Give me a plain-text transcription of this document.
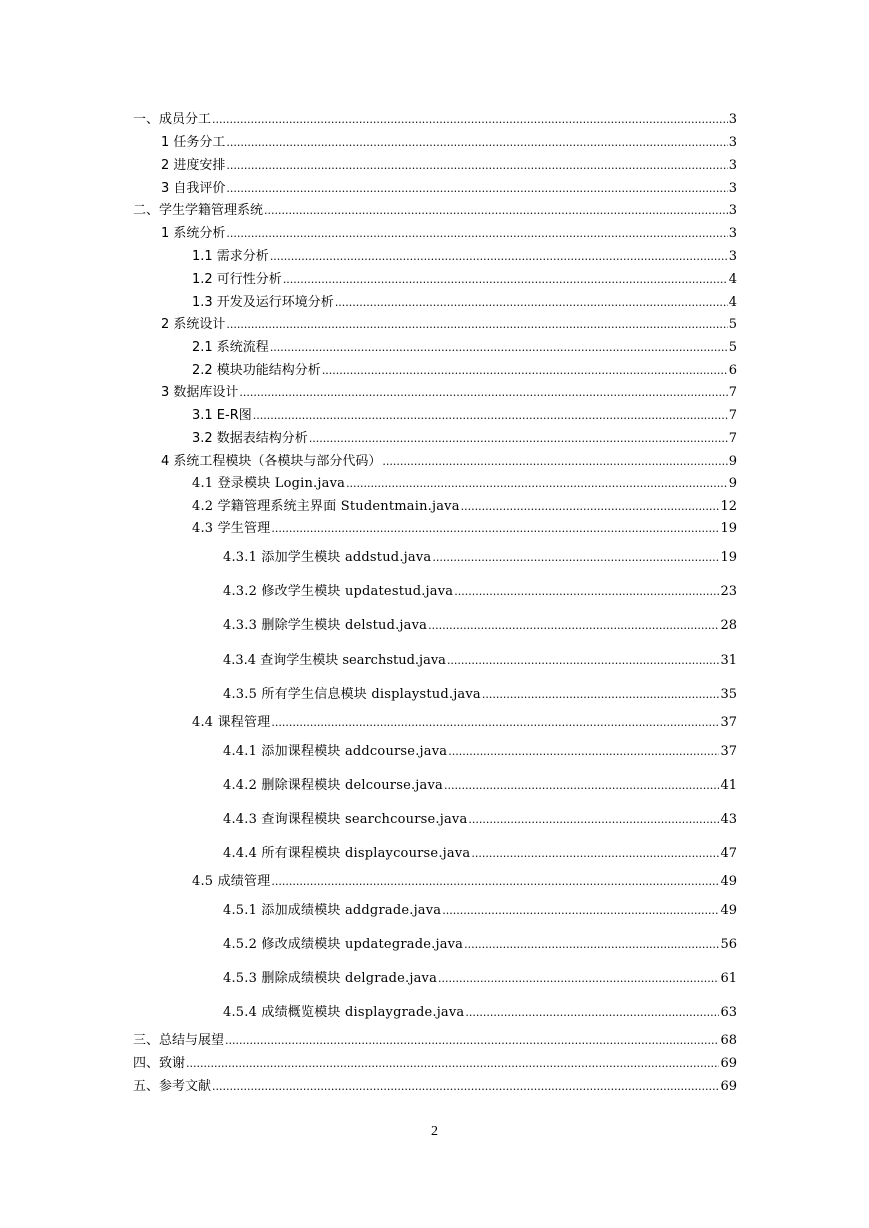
一、成员分工 .....	3
1 任务分工 .....	3
2 进度安排 .....	3
3 自我评价 .....	3
二、学生学籍管理系统 .....	3
1 系统分析 .....	3
1.1 需求分析 .....	3
1.2 可行性分析 .....	4
1.3 开发及运行环境分析 .....	4
2 系统设计 .....	5
2.1 系统流程 .....	5
2.2 模块功能结构分析 .....	6
3 数据库设计 .....	7
3.1 E-R图 .....	7
3.2 数据表结构分析 .....	7
4 系统工程模块（各模块与部分代码） .....	9
4.1 登录模块 Login.java .....	9
4.2 学籍管理系统主界面 Studentmain.java .....	12
4.3 学生管理 .....	19
4.3.1 添加学生模块 addstud.java .....	19
4.3.2 修改学生模块 updatestud.java .....	23
4.3.3 删除学生模块 delstud.java .....	28
4.3.4 查询学生模块 searchstud.java .....	31
4.3.5 所有学生信息模块 displaystud.java .....	35
4.4 课程管理 .....	37
4.4.1 添加课程模块 addcourse.java .....	37
4.4.2 删除课程模块 delcourse.java .....	41
4.4.3 查询课程模块 searchcourse.java .....	43
4.4.4 所有课程模块 displaycourse.java .....	47
4.5 成绩管理 .....	49
4.5.1 添加成绩模块 addgrade.java .....	49
4.5.2 修改成绩模块 updategrade.java .....	56
4.5.3 删除成绩模块 delgrade.java .....	61
4.5.4 成绩概览模块 displaygrade.java .....	63
三、总结与展望 .....	68
四、致谢 .....	69
五、参考文献 .....	69
2
